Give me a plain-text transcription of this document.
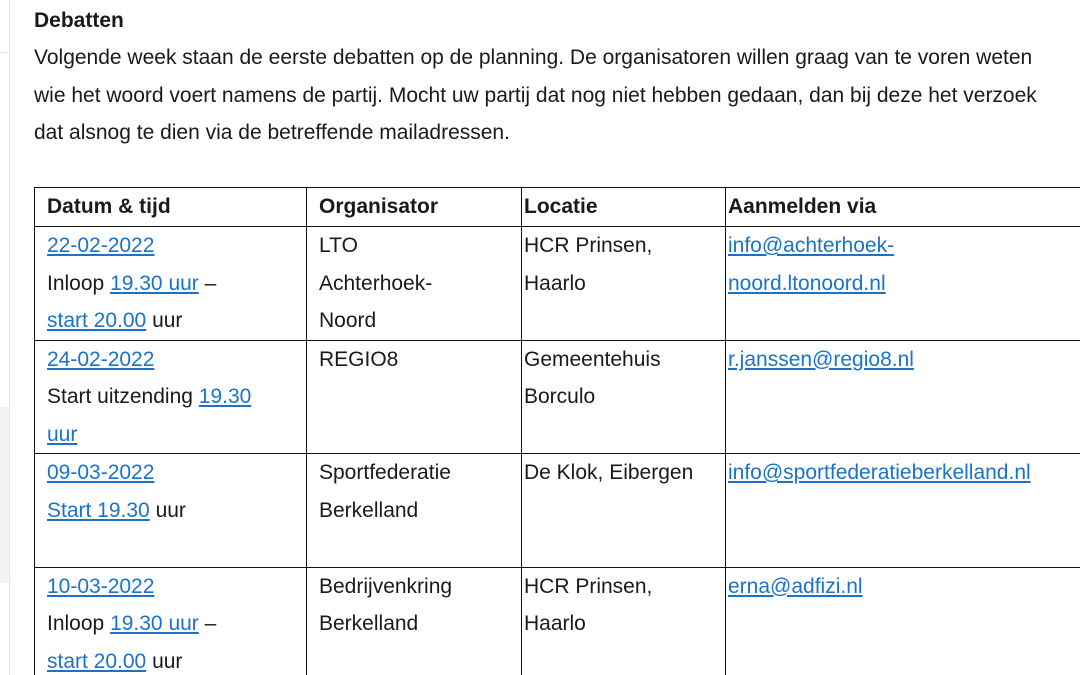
Debatten

Volgende week staan de eerste debatten op de planning. De organisatoren willen graag van te voren weten wie het woord voert namens de partij. Mocht uw partij dat nog niet hebben gedaan, dan bij deze het verzoek dat alsnog te dien via de betreffende mailadressen.

Datum & tijd	Organisator	Locatie	Aanmelden via

22-02-2022
Inloop 19.30 uur –
start 20.00 uur	LTO
Achterhoek-
Noord	HCR Prinsen,
Haarlo	info@achterhoek-
noord.ltonoord.nl

24-02-2022
Start uitzending 19.30
uur	REGIO8	Gemeentehuis
Borculo	r.janssen@regio8.nl

09-03-2022
Start 19.30 uur	Sportfederatie
Berkelland	De Klok, Eibergen	info@sportfederatieberkelland.nl

10-03-2022
Inloop 19.30 uur –
start 20.00 uur	Bedrijvenkring
Berkelland	HCR Prinsen,
Haarlo	erna@adfizi.nl
